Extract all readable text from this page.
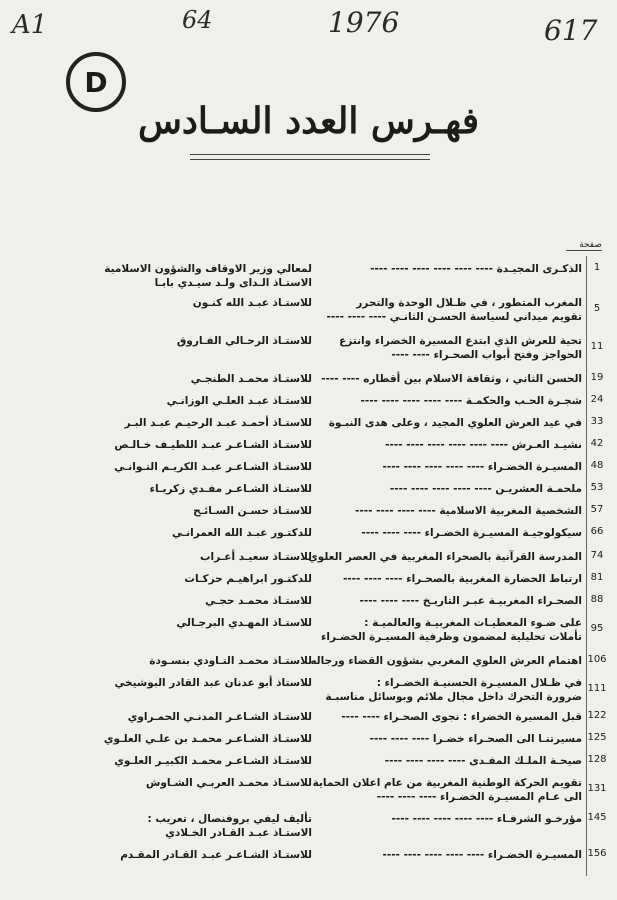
A1	64	1976	617
D
فهـرس العدد السـادس
صفحة
1
الذكـرى المجيـدة ---- ---- ---- ---- ---- ----
لمعالي وزير الاوقاف والشؤون الاسلامية
الاستـاذ الـداى ولـد سيـدي بابـا
5
المغرب المتطور ، في ظـلال الوحدة والتحرر
تقويم ميداني لسياسة الحسـن الثانـي ---- ---- ----
للاستـاذ عبـد الله كنـون
11
تحية للعرش الذي ابتدع المسيرة الخضراء وانتزع
الحواجز وفتح أبواب الصحـراء ---- ----
للاستـاذ الرحـالي الفـاروق
19
الحسن الثاني ، وثقافة الاسلام بين أقطاره ---- ----
للاستـاذ محمـد الطنجـي
24
شجـرة الحـب والحكمـة ---- ---- ---- ---- ----
للاستـاذ عبـد العلـي الوزانـي
33
في عيد العرش العلوي المجيد ، وعلى هدى النبـوة
للاستـاذ أحمـد عبـد الرحيـم عبـد البـر
42
نشيـد العـرش ---- ---- ---- ---- ---- ----
للاستـاذ الشـاعـر عبـد اللطيـف خـالـص
48
المسيـرة الخضـراء ---- ---- ---- ---- ----
للاستـاذ الشـاعـر عبـد الكريـم التـوانـي
53
ملحمـة العشريـن ---- ---- ---- ---- ----
للاستـاذ الشـاعـر مفـدي زكريـاء
57
الشخصية المغربية الاسلامية ---- ---- ---- ----
للاستـاذ حسـن السـائـح
66
سيكولوجيـة المسيـرة الخضـراء ---- ---- ----
للدكتـور عبـد الله العمرانـي
74
المدرسة القرآنية بالصحراء المغربية في العصر العلوي
للاستـاذ سعيـد أعـراب
81
ارتباط الحضارة المغربية بالصحـراء ---- ---- ----
للدكتـور ابراهيـم حركـات
88
الصحـراء المغربيـة عبـر التاريـخ ---- ---- ----
للاستـاذ محمـد حجـي
95
على ضـوء المعطيـات المغربيـة والعالميـة :
تأملات تحليلية لمضمون وظرفية المسيـرة الخضـراء
للاستـاذ المهـدي البرجـالي
106
اهتمام العرش العلوي المغربي بشؤون القضاء ورجاله
للاستـاذ محمـد التـاودي بنسـودة
111
في ظـلال المسيـرة الحسنيـة الخضـراء :
ضرورة التحرك داخل مجال ملائم وبوسائل مناسبـة
للاستاذ أبو عدنان عبد القادر البوشيخي
122
قبل المسيرة الخضراء : نجوى الصحـراء ---- ----
للاستـاذ الشـاعـر المدنـي الحمـراوي
125
مسيرتنـا الى الصحـراء خضـرا ---- ---- ----
للاستـاذ الشـاعـر محمـد بن علـي العلـوي
128
صيحـة الملـك المفـدى ---- ---- ---- ----
للاستـاذ الشـاعـر محمـد الكبيـر العلـوي
131
تقويم الحركة الوطنية المغربية من عام اعلان الحماية
الى عـام المسيـرة الخضـراء ---- ---- ----
للاستـاذ محمـد العربـي الشـاوش
145
مؤرخـو الشرفـاء ---- ---- ---- ---- ----
تأليف ليفي بروفنصال ، تعريب :
الاستـاذ عبـد القـادر الخـلادي
156
المسيـرة الخضـراء ---- ---- ---- ---- ----
للاستـاذ الشـاعـر عبـد القـادر المقـدم
